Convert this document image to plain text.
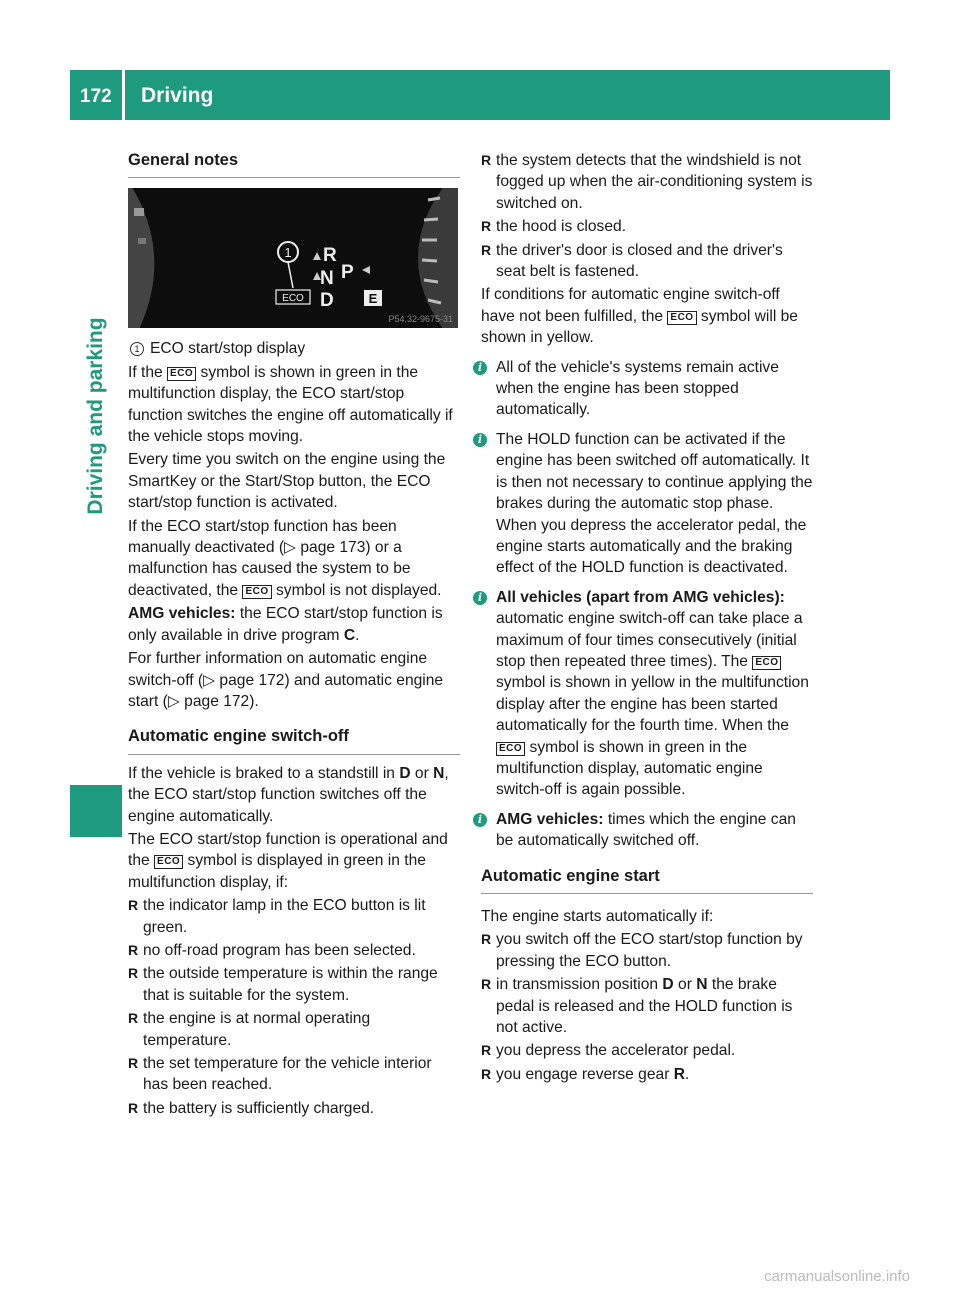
172 Driving
Driving and parking
General notes
1 R
N P
ECO D	E
P54.32-9675-31

1 ECO start/stop display

If the ECO symbol is shown in green in the multifunction display, the ECO start/stop function switches the engine off automatically if the vehicle stops moving.

Every time you switch on the engine using the SmartKey or the Start/Stop button, the ECO start/stop function is activated.

If the ECO start/stop function has been manually deactivated (▷ page 173) or a malfunction has caused the system to be deactivated, the ECO symbol is not displayed.

AMG vehicles: the ECO start/stop function is only available in drive program C.

For further information on automatic engine switch-off (▷ page 172) and automatic engine start (▷ page 172).

Automatic engine switch-off

If the vehicle is braked to a standstill in D or N, the ECO start/stop function switches off the engine automatically.

The ECO start/stop function is operational and the ECO symbol is displayed in green in the multifunction display, if:

R the indicator lamp in the ECO button is lit green.
R no off-road program has been selected.
R the outside temperature is within the range that is suitable for the system.
R the engine is at normal operating temperature.
R the set temperature for the vehicle interior has been reached.
R the battery is sufficiently charged.
R the system detects that the windshield is not fogged up when the air-conditioning system is switched on.
R the hood is closed.
R the driver's door is closed and the driver's seat belt is fastened.

If conditions for automatic engine switch-off have not been fulfilled, the ECO symbol will be shown in yellow.

i All of the vehicle's systems remain active when the engine has been stopped automatically.
i The HOLD function can be activated if the engine has been switched off automatically. It is then not necessary to continue applying the brakes during the automatic stop phase. When you depress the accelerator pedal, the engine starts automatically and the braking effect of the HOLD function is deactivated.
i All vehicles (apart from AMG vehicles): automatic engine switch-off can take place a maximum of four times consecutively (initial stop then repeated three times). The ECO symbol is shown in yellow in the multifunction display after the engine has been started automatically for the fourth time. When the ECO symbol is shown in green in the multifunction display, automatic engine switch-off is again possible.
i AMG vehicles: times which the engine can be automatically switched off.
Automatic engine start

The engine starts automatically if:

R you switch off the ECO start/stop function by pressing the ECO button.
R in transmission position D or N the brake pedal is released and the HOLD function is not active.
R you depress the accelerator pedal.
R you engage reverse gear R.
carmanualsonline.info
